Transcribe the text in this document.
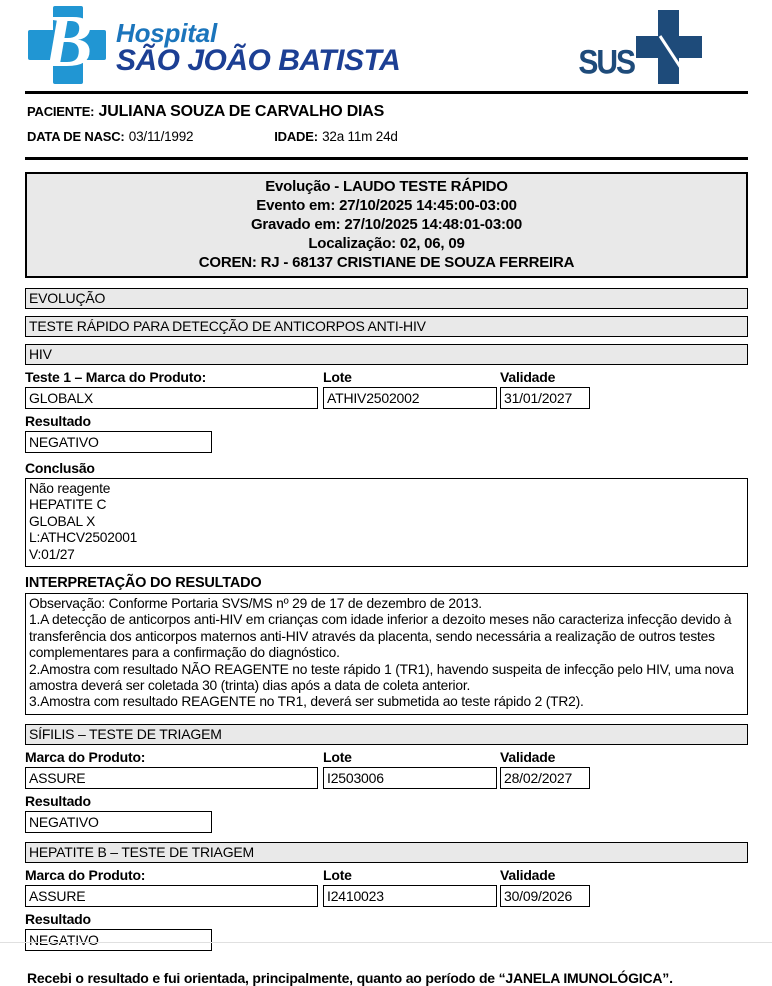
B Hospital
SÃO JOÃO BATISTA	SUS
PACIENTE: JULIANA SOUZA DE CARVALHO DIAS
DATA DE NASC: 03/11/1992	IDADE: 32a 11m 24d
Evolução - LAUDO TESTE RÁPIDO
Evento em: 27/10/2025 14:45:00-03:00
Gravado em: 27/10/2025 14:48:01-03:00
Localização: 02, 06, 09
COREN: RJ - 68137 CRISTIANE DE SOUZA FERREIRA
EVOLUÇÃO
TESTE RÁPIDO PARA DETECÇÃO DE ANTICORPOS ANTI-HIV
HIV
Teste 1 – Marca do Produto:
GLOBALX
Lote
ATHIV2502002
Validade
31/01/2027
Resultado
NEGATIVO
Conclusão
Não reagente
HEPATITE C
GLOBAL X
L:ATHCV2502001
V:01/27
INTERPRETAÇÃO DO RESULTADO

Observação: Conforme Portaria SVS/MS nº 29 de 17 de dezembro de 2013.

1.A detecção de anticorpos anti-HIV em crianças com idade inferior a dezoito meses não caracteriza infecção devido à transferência dos anticorpos maternos anti-HIV através da placenta, sendo necessária a realização de outros testes complementares para a confirmação do diagnóstico.

2.Amostra com resultado NÃO REAGENTE no teste rápido 1 (TR1), havendo suspeita de infecção pelo HIV, uma nova amostra deverá ser coletada 30 (trinta) dias após a data de coleta anterior.

3.Amostra com resultado REAGENTE no TR1, deverá ser submetida ao teste rápido 2 (TR2).

SÍFILIS – TESTE DE TRIAGEM
Marca do Produto:
ASSURE
Lote
I2503006
Validade
28/02/2027
Resultado
NEGATIVO
HEPATITE B – TESTE DE TRIAGEM
Marca do Produto:
ASSURE
Lote
I2410023
Validade
30/09/2026
Resultado
NEGATIVO
Recebi o resultado e fui orientada, principalmente, quanto ao período de “JANELA IMUNOLÓGICA”.
